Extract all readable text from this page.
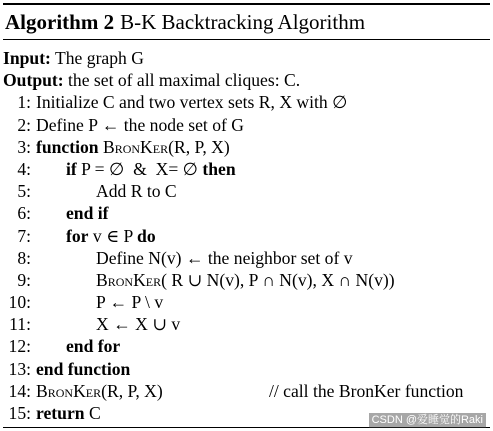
Algorithm 2 B-K Backtracking Algorithm
Input: The graph G
Output: the set of all maximal cliques: C.
1: Initialize C and two vertex sets R, X with ∅
2: Define P ← the node set of G
3: function BronKer(R, P, X)
4: if P = ∅  &  X= ∅ then
5:	Add R to C
6: end if
7: for v ∈ P do
8:	Define N(v) ← the neighbor set of v
9:	BronKer( R ∪ N(v), P ∩ N(v), X ∩ N(v))
10:	P ← P \ v
11:	X ← X ∪ v
12: end for
13: end function
14: BronKer(R, P, X)	// call the BronKer function
15: return C	CSDN @爱睡觉的Raki
